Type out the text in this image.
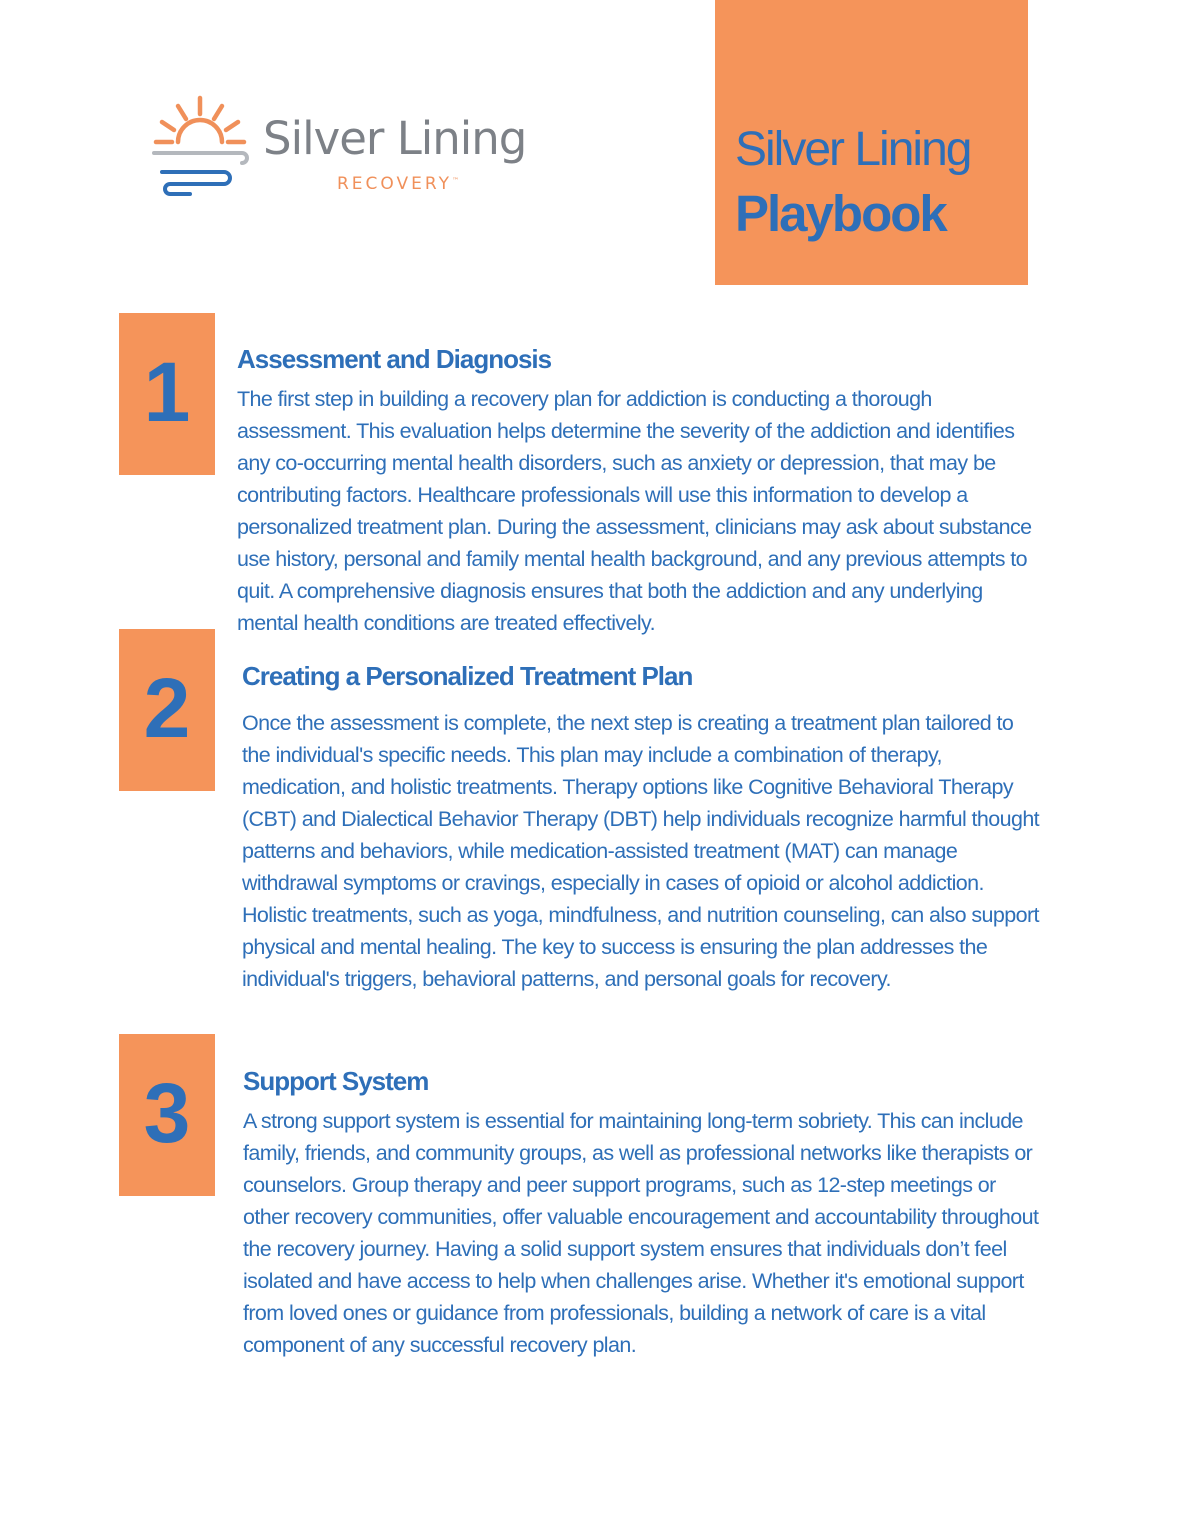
Silver Lining
RECOVERY™
Silver Lining
Playbook
1	Assessment and Diagnosis

The first step in building a recovery plan for addiction is conducting a thorough assessment. This evaluation helps determine the severity of the addiction and identifies any co-occurring mental health disorders, such as anxiety or depression, that may be contributing factors. Healthcare professionals will use this information to develop a personalized treatment plan. During the assessment, clinicians may ask about substance use history, personal and family mental health background, and any previous attempts to quit. A comprehensive diagnosis ensures that both the addiction and any underlying mental health conditions are treated effectively.

2	Creating a Personalized Treatment Plan

Once the assessment is complete, the next step is creating a treatment plan tailored to the individual's specific needs. This plan may include a combination of therapy, medication, and holistic treatments. Therapy options like Cognitive Behavioral Therapy (CBT) and Dialectical Behavior Therapy (DBT) help individuals recognize harmful thought patterns and behaviors, while medication-assisted treatment (MAT) can manage withdrawal symptoms or cravings, especially in cases of opioid or alcohol addiction. Holistic treatments, such as yoga, mindfulness, and nutrition counseling, can also support physical and mental healing. The key to success is ensuring the plan addresses the individual's triggers, behavioral patterns, and personal goals for recovery.

3	Support System

A strong support system is essential for maintaining long-term sobriety. This can include family, friends, and community groups, as well as professional networks like therapists or counselors. Group therapy and peer support programs, such as 12-step meetings or other recovery communities, offer valuable encouragement and accountability throughout the recovery journey. Having a solid support system ensures that individuals don’t feel isolated and have access to help when challenges arise. Whether it's emotional support from loved ones or guidance from professionals, building a network of care is a vital component of any successful recovery plan.
